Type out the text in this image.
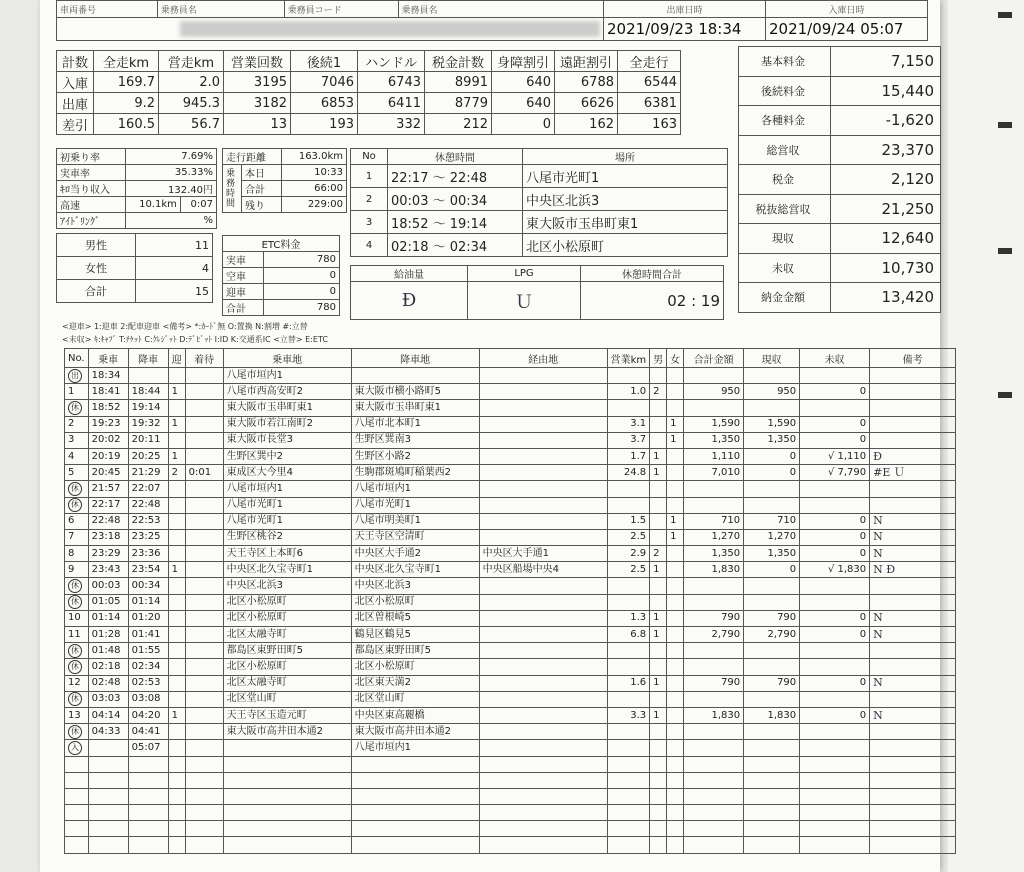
車両番号	乗務員名	乗務員コード	乗務員名	出庫日時	入庫日時

				2021/09/23 18:34	2021/09/24 05:07
計数	全走km	営走km	営業回数	後続1	ハンドル	税金計数	身障割引	遠距割引	全走行
入庫	169.7	2.0	3195	7046	6743	8991	640	6788	6544
出庫	9.2	945.3	3182	6853	6411	8779	640	6626	6381
差引	160.5	56.7	13	193	332	212	0	162	163
基本料金	7,150
後続料金	15,440
各種料金	-1,620
総営収	23,370
税金	2,120
税抜総営収	21,250
現収	12,640
未収	10,730
納金金額	13,420
初乗り率	7.69%	
実車率	35.33%	
ｷﾛ当り収入	132.40円	
高速	10.1km	0:07
ｱｲﾄﾞﾘﾝｸﾞ	%	
男性	11
女性	4
合計	15
走行距離		163.0km
乗務時間	本日	10:33
	合計	66:00
	残り	229:00
ETC料金	
実車	780
空車	0
迎車	0
合計	780
No	休憩時間	場所
1	22:17 ～ 22:48	八尾市光町1
2	00:03 ～ 00:34	中央区北浜3
3	18:52 ～ 19:14	東大阪市玉串町東1
4	02:18 ～ 02:34	北区小松原町
給油量	LPG	休憩時間合計
Ð	Ｕ	02 : 19
<迎車> 1:迎車 2:配車迎車 <備考> *:ｶｰﾄﾞ無 O:置換 N:割増 #:立替
<未収> ｷ:ｷｬﾌﾞ T:ﾁｹｯﾄ C:ｸﾚｼﾞｯﾄ D:ﾃﾞﾋﾞｯﾄ I:ID K:交通系IC <立替> E:ETC
No.	乗車	降車	迎	着待	乗車地	降車地	経由地	営業km	男	女	合計金額	現収	未収	備考
出	18:34				八尾市垣内1									
1	18:41	18:44	1		八尾市西高安町2	東大阪市横小路町5		1.0	2		950	950	0	
休	18:52	19:14			東大阪市玉串町東1	東大阪市玉串町東1								
2	19:23	19:32	1		東大阪市若江南町2	八尾市北本町1		3.1		1	1,590	1,590	0	
3	20:02	20:11			東大阪市長堂3	生野区巽南3		3.7		1	1,350	1,350	0	
4	20:19	20:25	1		生野区巽中2	生野区小路2		1.7	1		1,110	0	√ 1,110	Ð
5	20:45	21:29	2	0:01	東成区大今里4	生駒郡斑鳩町稲葉西2		24.8	1		7,010	0	√ 7,790	#E Ｕ
休	21:57	22:07			八尾市垣内1	八尾市垣内1								
休	22:17	22:48			八尾市光町1	八尾市光町1								
6	22:48	22:53			八尾市光町1	八尾市明美町1		1.5		1	710	710	0	N
7	23:18	23:25			生野区桃谷2	天王寺区空清町		2.5		1	1,270	1,270	0	N
8	23:29	23:36			天王寺区上本町6	中央区大手通2	中央区大手通1	2.9	2		1,350	1,350	0	N
9	23:43	23:54	1		中央区北久宝寺町1	中央区北久宝寺町1	中央区船場中央4	2.5	1		1,830	0	√ 1,830	N Ð
休	00:03	00:34			中央区北浜3	中央区北浜3								
休	01:05	01:14			北区小松原町	北区小松原町								
10	01:14	01:20			北区小松原町	北区曽根崎5		1.3	1		790	790	0	N
11	01:28	01:41			北区太融寺町	鶴見区鶴見5		6.8	1		2,790	2,790	0	N
休	01:48	01:55			都島区東野田町5	都島区東野田町5								
休	02:18	02:34			北区小松原町	北区小松原町								
12	02:48	02:53			北区太融寺町	北区東天満2		1.6	1		790	790	0	N
休	03:03	03:08			北区堂山町	北区堂山町								
13	04:14	04:20	1		天王寺区玉造元町	中央区東高麗橋		3.3	1		1,830	1,830	0	N
休	04:33	04:41			東大阪市高井田本通2	東大阪市高井田本通2								
入		05:07				八尾市垣内1								
